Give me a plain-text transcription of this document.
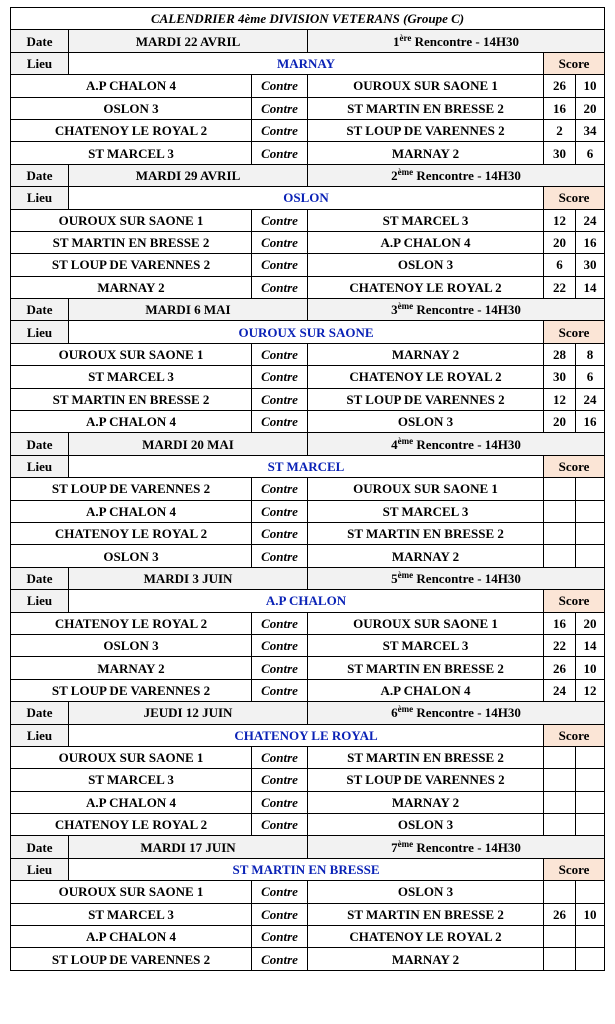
CALENDRIER 4ème DIVISION VETERANS (Groupe C)					
Date	MARDI 22 AVRIL		1ère Rencontre - 14H30		
Lieu	MARNAY			Score	
A.P CHALON 4		Contre	OUROUX SUR SAONE 1	26	10
OSLON 3		Contre	ST MARTIN EN BRESSE 2	16	20
CHATENOY LE ROYAL 2		Contre	ST LOUP DE VARENNES 2	2	34
ST MARCEL 3		Contre	MARNAY 2	30	6
Date	MARDI 29 AVRIL		2ème Rencontre - 14H30		
Lieu	OSLON			Score	
OUROUX SUR SAONE 1		Contre	ST MARCEL 3	12	24
ST MARTIN EN BRESSE 2		Contre	A.P CHALON 4	20	16
ST LOUP DE VARENNES 2		Contre	OSLON 3	6	30
MARNAY 2		Contre	CHATENOY LE ROYAL 2	22	14
Date	MARDI 6 MAI		3ème Rencontre - 14H30		
Lieu	OUROUX SUR SAONE			Score	
OUROUX SUR SAONE 1		Contre	MARNAY 2	28	8
ST MARCEL 3		Contre	CHATENOY LE ROYAL 2	30	6
ST MARTIN EN BRESSE 2		Contre	ST LOUP DE VARENNES 2	12	24
A.P CHALON 4		Contre	OSLON 3	20	16
Date	MARDI 20 MAI		4ème Rencontre - 14H30		
Lieu	ST MARCEL			Score	
ST LOUP DE VARENNES 2		Contre	OUROUX SUR SAONE 1		
A.P CHALON 4		Contre	ST MARCEL 3		
CHATENOY LE ROYAL 2		Contre	ST MARTIN EN BRESSE 2		
OSLON 3		Contre	MARNAY 2		
Date	MARDI 3 JUIN		5ème Rencontre - 14H30		
Lieu	A.P CHALON			Score	
CHATENOY LE ROYAL 2		Contre	OUROUX SUR SAONE 1	16	20
OSLON 3		Contre	ST MARCEL 3	22	14
MARNAY 2		Contre	ST MARTIN EN BRESSE 2	26	10
ST LOUP DE VARENNES 2		Contre	A.P CHALON 4	24	12
Date	JEUDI 12 JUIN		6ème Rencontre - 14H30		
Lieu	CHATENOY LE ROYAL			Score	
OUROUX SUR SAONE 1		Contre	ST MARTIN EN BRESSE 2		
ST MARCEL 3		Contre	ST LOUP DE VARENNES 2		
A.P CHALON 4		Contre	MARNAY 2		
CHATENOY LE ROYAL 2		Contre	OSLON 3		
Date	MARDI 17 JUIN		7ème Rencontre - 14H30		
Lieu	ST MARTIN EN BRESSE			Score	
OUROUX SUR SAONE 1		Contre	OSLON 3		
ST MARCEL 3		Contre	ST MARTIN EN BRESSE 2	26	10
A.P CHALON 4		Contre	CHATENOY LE ROYAL 2		
ST LOUP DE VARENNES 2		Contre	MARNAY 2		
